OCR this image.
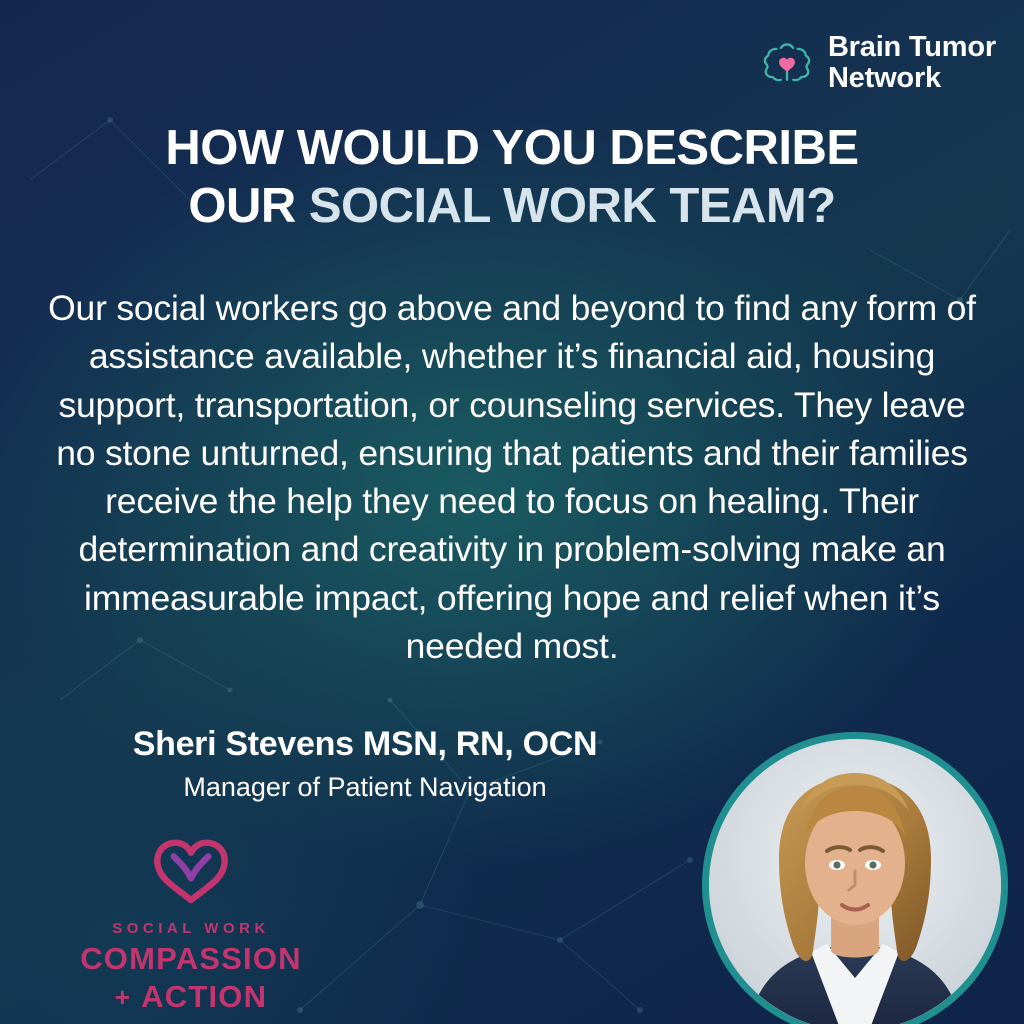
Brain Tumor
Network
HOW WOULD YOU DESCRIBE
OUR SOCIAL WORK TEAM?
Our social workers go above and beyond to find any form of assistance available, whether it’s financial aid, housing support, transportation, or counseling services. They leave no stone unturned, ensuring that patients and their families receive the help they need to focus on healing. Their determination and creativity in problem-solving make an immeasurable impact, offering hope and relief when it’s needed most.
Sheri Stevens MSN, RN, OCN
Manager of Patient Navigation
SOCIAL WORK
COMPASSION
+ ACTION
